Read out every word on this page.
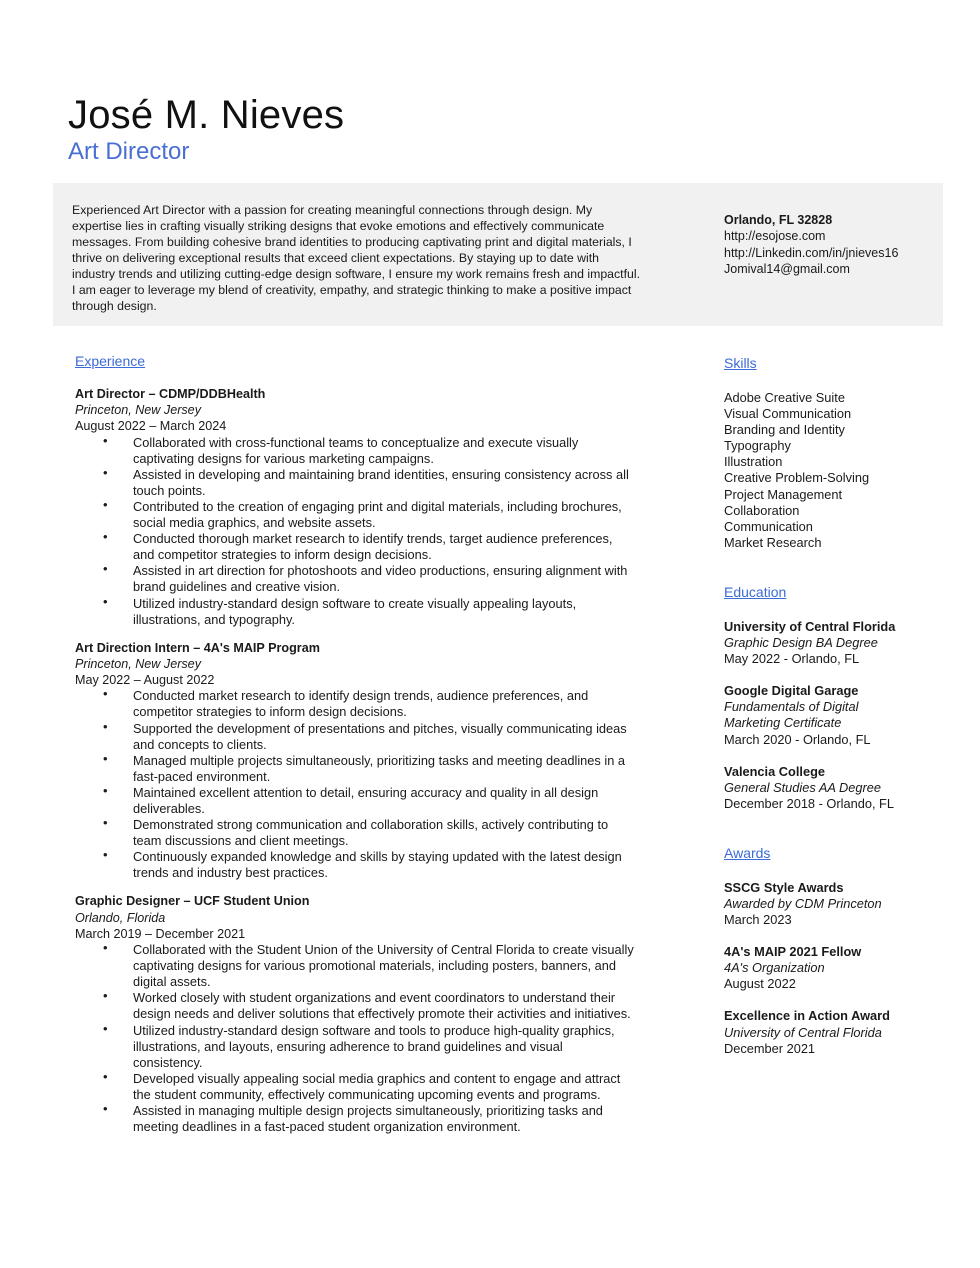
José M. Nieves
Art Director
Experienced Art Director with a passion for creating meaningful connections through design. My expertise lies in crafting visually striking designs that evoke emotions and effectively communicate messages. From building cohesive brand identities to producing captivating print and digital materials, I thrive on delivering exceptional results that exceed client expectations. By staying up to date with industry trends and utilizing cutting-edge design software, I ensure my work remains fresh and impactful. I am eager to leverage my blend of creativity, empathy, and strategic thinking to make a positive impact through design.
Orlando, FL 32828
http://esojose.com
http://Linkedin.com/in/jnieves16
Jomival14@gmail.com
Experience
Art Director – CDMP/DDBHealth
Princeton, New Jersey
August 2022 – March 2024
• Collaborated with cross-functional teams to conceptualize and execute visually captivating designs for various marketing campaigns.
• Assisted in developing and maintaining brand identities, ensuring consistency across all touch points.
• Contributed to the creation of engaging print and digital materials, including brochures, social media graphics, and website assets.
• Conducted thorough market research to identify trends, target audience preferences, and competitor strategies to inform design decisions.
• Assisted in art direction for photoshoots and video productions, ensuring alignment with brand guidelines and creative vision.
• Utilized industry-standard design software to create visually appealing layouts, illustrations, and typography.
Art Direction Intern – 4A's MAIP Program
Princeton, New Jersey
May 2022 – August 2022
• Conducted market research to identify design trends, audience preferences, and competitor strategies to inform design decisions.
• Supported the development of presentations and pitches, visually communicating ideas and concepts to clients.
• Managed multiple projects simultaneously, prioritizing tasks and meeting deadlines in a fast-paced environment.
• Maintained excellent attention to detail, ensuring accuracy and quality in all design deliverables.
• Demonstrated strong communication and collaboration skills, actively contributing to team discussions and client meetings.
• Continuously expanded knowledge and skills by staying updated with the latest design trends and industry best practices.
Graphic Designer – UCF Student Union
Orlando, Florida
March 2019 – December 2021
• Collaborated with the Student Union of the University of Central Florida to create visually captivating designs for various promotional materials, including posters, banners, and digital assets.
• Worked closely with student organizations and event coordinators to understand their design needs and deliver solutions that effectively promote their activities and initiatives.
• Utilized industry-standard design software and tools to produce high-quality graphics, illustrations, and layouts, ensuring adherence to brand guidelines and visual consistency.
• Developed visually appealing social media graphics and content to engage and attract the student community, effectively communicating upcoming events and programs.
• Assisted in managing multiple design projects simultaneously, prioritizing tasks and meeting deadlines in a fast-paced student organization environment.
Skills
Adobe Creative Suite
Visual Communication
Branding and Identity
Typography
Illustration
Creative Problem-Solving
Project Management
Collaboration
Communication
Market Research
Education
University of Central Florida
Graphic Design BA Degree
May 2022 - Orlando, FL
Google Digital Garage
Fundamentals of Digital Marketing Certificate
March 2020 - Orlando, FL
Valencia College
General Studies AA Degree
December 2018 - Orlando, FL
Awards
SSCG Style Awards
Awarded by CDM Princeton
March 2023
4A's MAIP 2021 Fellow
4A's Organization
August 2022
Excellence in Action Award
University of Central Florida
December 2021
